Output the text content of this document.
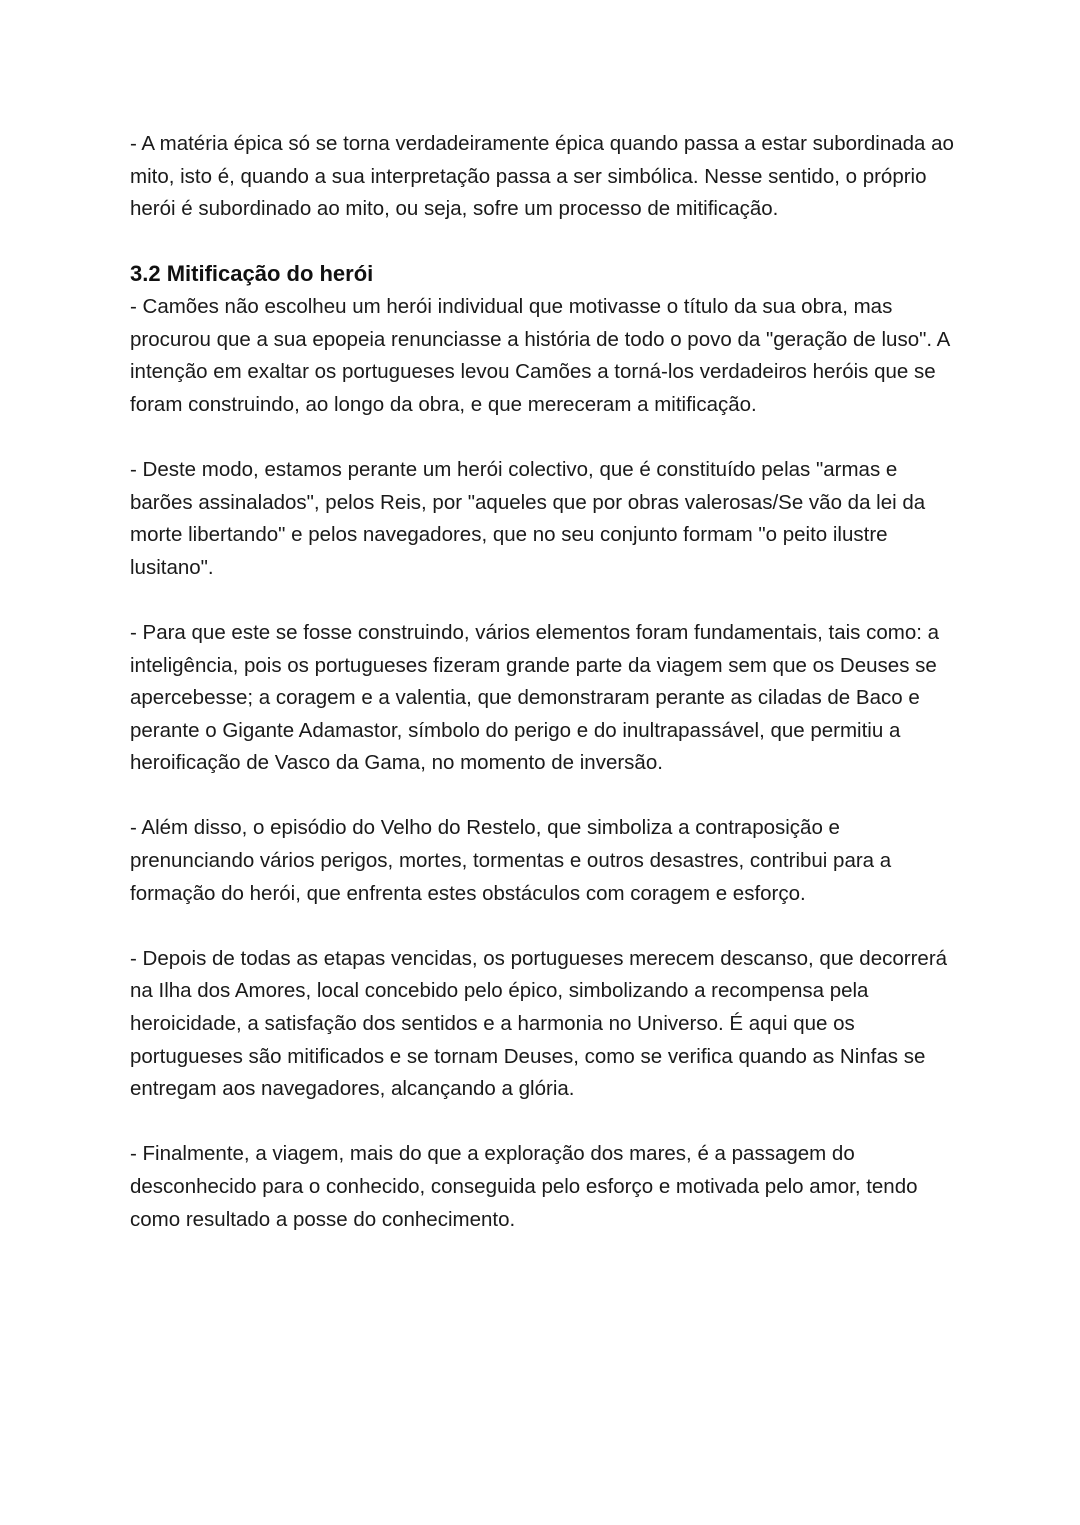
- A matéria épica só se torna verdadeiramente épica quando passa a estar subordinada ao mito, isto é, quando a sua interpretação passa a ser simbólica. Nesse sentido, o próprio herói é subordinado ao mito, ou seja, sofre um processo de mitificação.

3.2 Mitificação do herói

- Camões não escolheu um herói individual que motivasse o título da sua obra, mas procurou que a sua epopeia renunciasse a história de todo o povo da "geração de luso". A intenção em exaltar os portugueses levou Camões a torná-los verdadeiros heróis que se foram construindo, ao longo da obra, e que mereceram a mitificação.

- Deste modo, estamos perante um herói colectivo, que é constituído pelas "armas e barões assinalados", pelos Reis, por "aqueles que por obras valerosas/Se vão da lei da morte libertando" e pelos navegadores, que no seu conjunto formam "o peito ilustre lusitano".

- Para que este se fosse construindo, vários elementos foram fundamentais, tais como: a inteligência, pois os portugueses fizeram grande parte da viagem sem que os Deuses se apercebesse; a coragem e a valentia, que demonstraram perante as ciladas de Baco e perante o Gigante Adamastor, símbolo do perigo e do inultrapassável, que permitiu a heroificação de Vasco da Gama, no momento de inversão.

- Além disso, o episódio do Velho do Restelo, que simboliza a contraposição e prenunciando vários perigos, mortes, tormentas e outros desastres, contribui para a formação do herói, que enfrenta estes obstáculos com coragem e esforço.

- Depois de todas as etapas vencidas, os portugueses merecem descanso, que decorrerá na Ilha dos Amores, local concebido pelo épico, simbolizando a recompensa pela heroicidade, a satisfação dos sentidos e a harmonia no Universo. É aqui que os portugueses são mitificados e se tornam Deuses, como se verifica quando as Ninfas se entregam aos navegadores, alcançando a glória.

- Finalmente, a viagem, mais do que a exploração dos mares, é a passagem do desconhecido para o conhecido, conseguida pelo esforço e motivada pelo amor, tendo como resultado a posse do conhecimento.
